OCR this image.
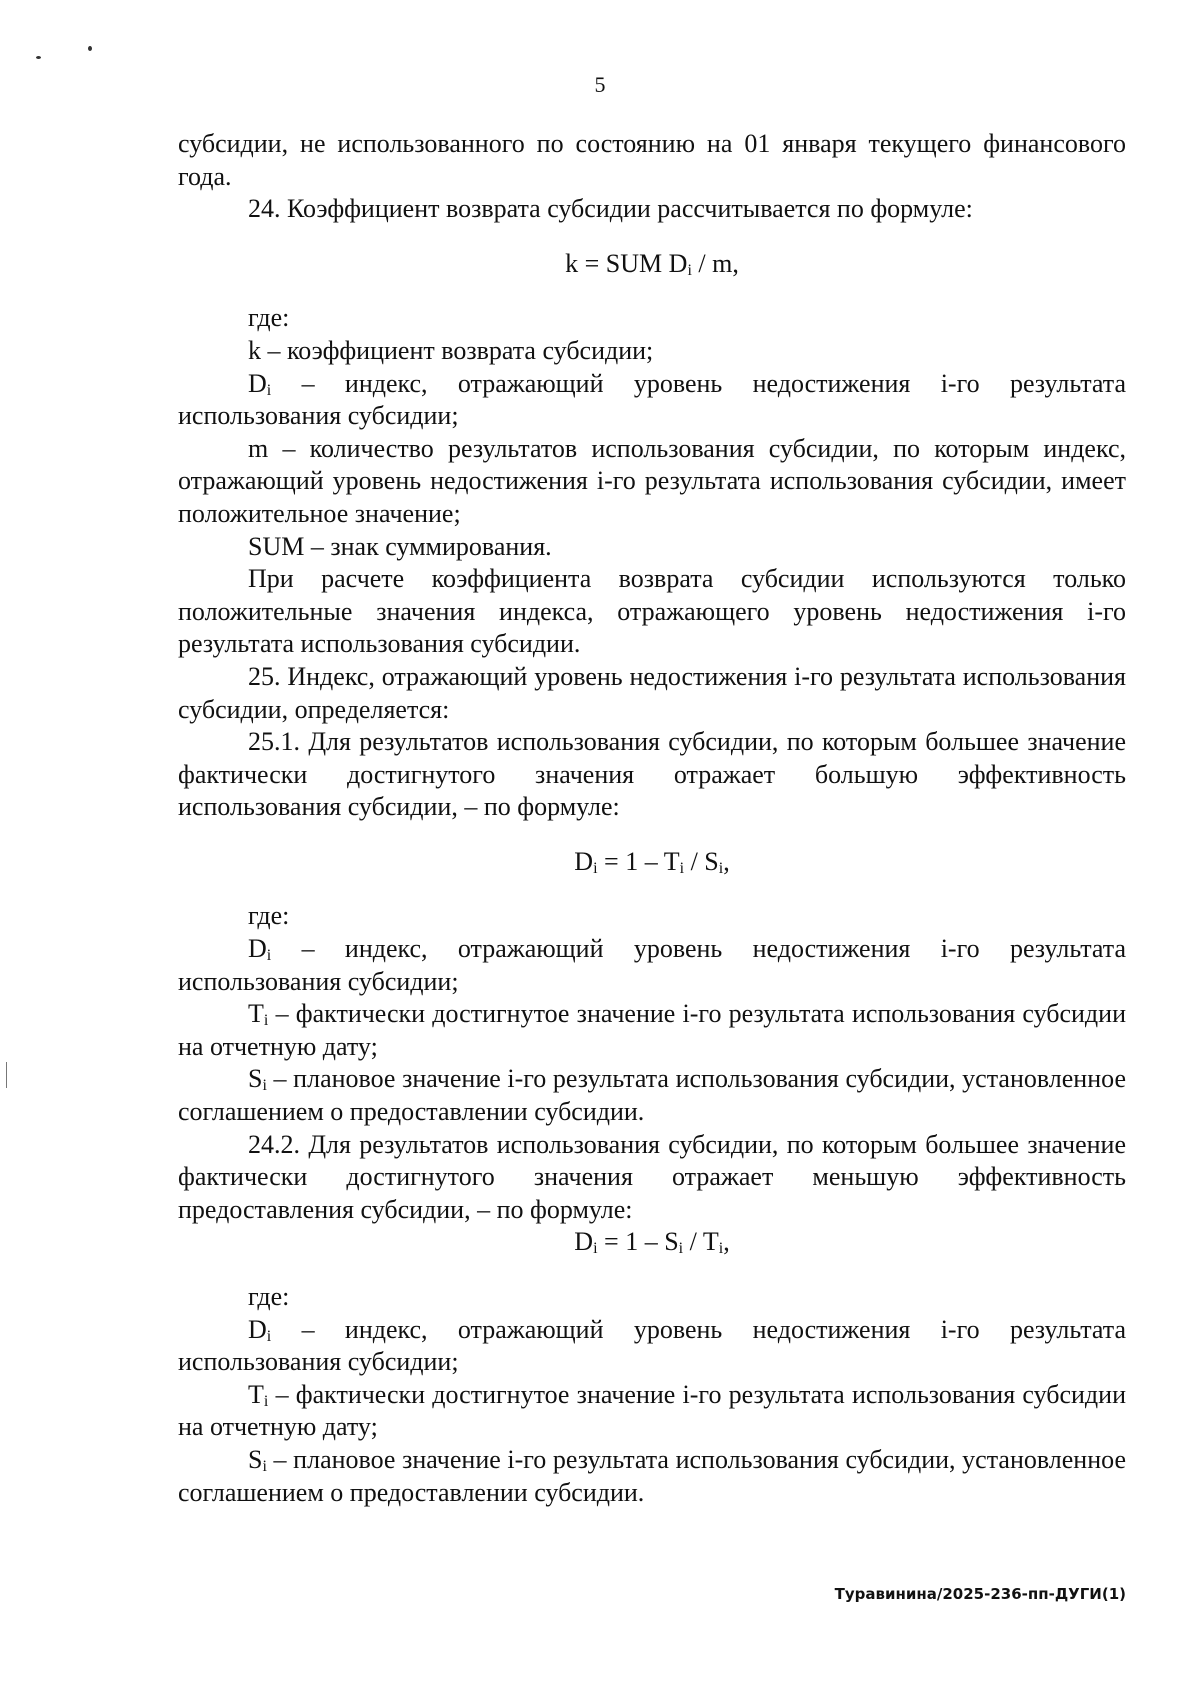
5

субсидии, не использованного по состоянию на 01 января текущего финансового года.

24. Коэффициент возврата субсидии рассчитывается по формуле:

k = SUM $D_i$ / m,

где:

k – коэффициент возврата субсидии;

$D_i$ – индекс, отражающий уровень недостижения i-го результата использования субсидии;

m – количество результатов использования субсидии, по которым индекс, отражающий уровень недостижения i-го результата использования субсидии, имеет положительное значение;

SUM – знак суммирования.

При расчете коэффициента возврата субсидии используются только положительные значения индекса, отражающего уровень недостижения i-го результата использования субсидии.

25. Индекс, отражающий уровень недостижения i-го результата использования субсидии, определяется:

25.1. Для результатов использования субсидии, по которым большее значение фактически достигнутого значения отражает большую эффективность использования субсидии, – по формуле:

$D_i = 1 - T_i / S_i$,

где:

$D_i$ – индекс, отражающий уровень недостижения i-го результата использования субсидии;

$T_i$ – фактически достигнутое значение i-го результата использования субсидии на отчетную дату;

$S_i$ – плановое значение i-го результата использования субсидии, установленное соглашением о предоставлении субсидии.

24.2. Для результатов использования субсидии, по которым большее значение фактически достигнутого значения отражает меньшую эффективность предоставления субсидии, – по формуле:

$D_i = 1 - S_i / T_i$,

где:

$D_i$ – индекс, отражающий уровень недостижения i-го результата использования субсидии;

$T_i$ – фактически достигнутое значение i-го результата использования субсидии на отчетную дату;

$S_i$ – плановое значение i-го результата использования субсидии, установленное соглашением о предоставлении субсидии.

Туравинина/2025-236-пп-ДУГИ(1)
